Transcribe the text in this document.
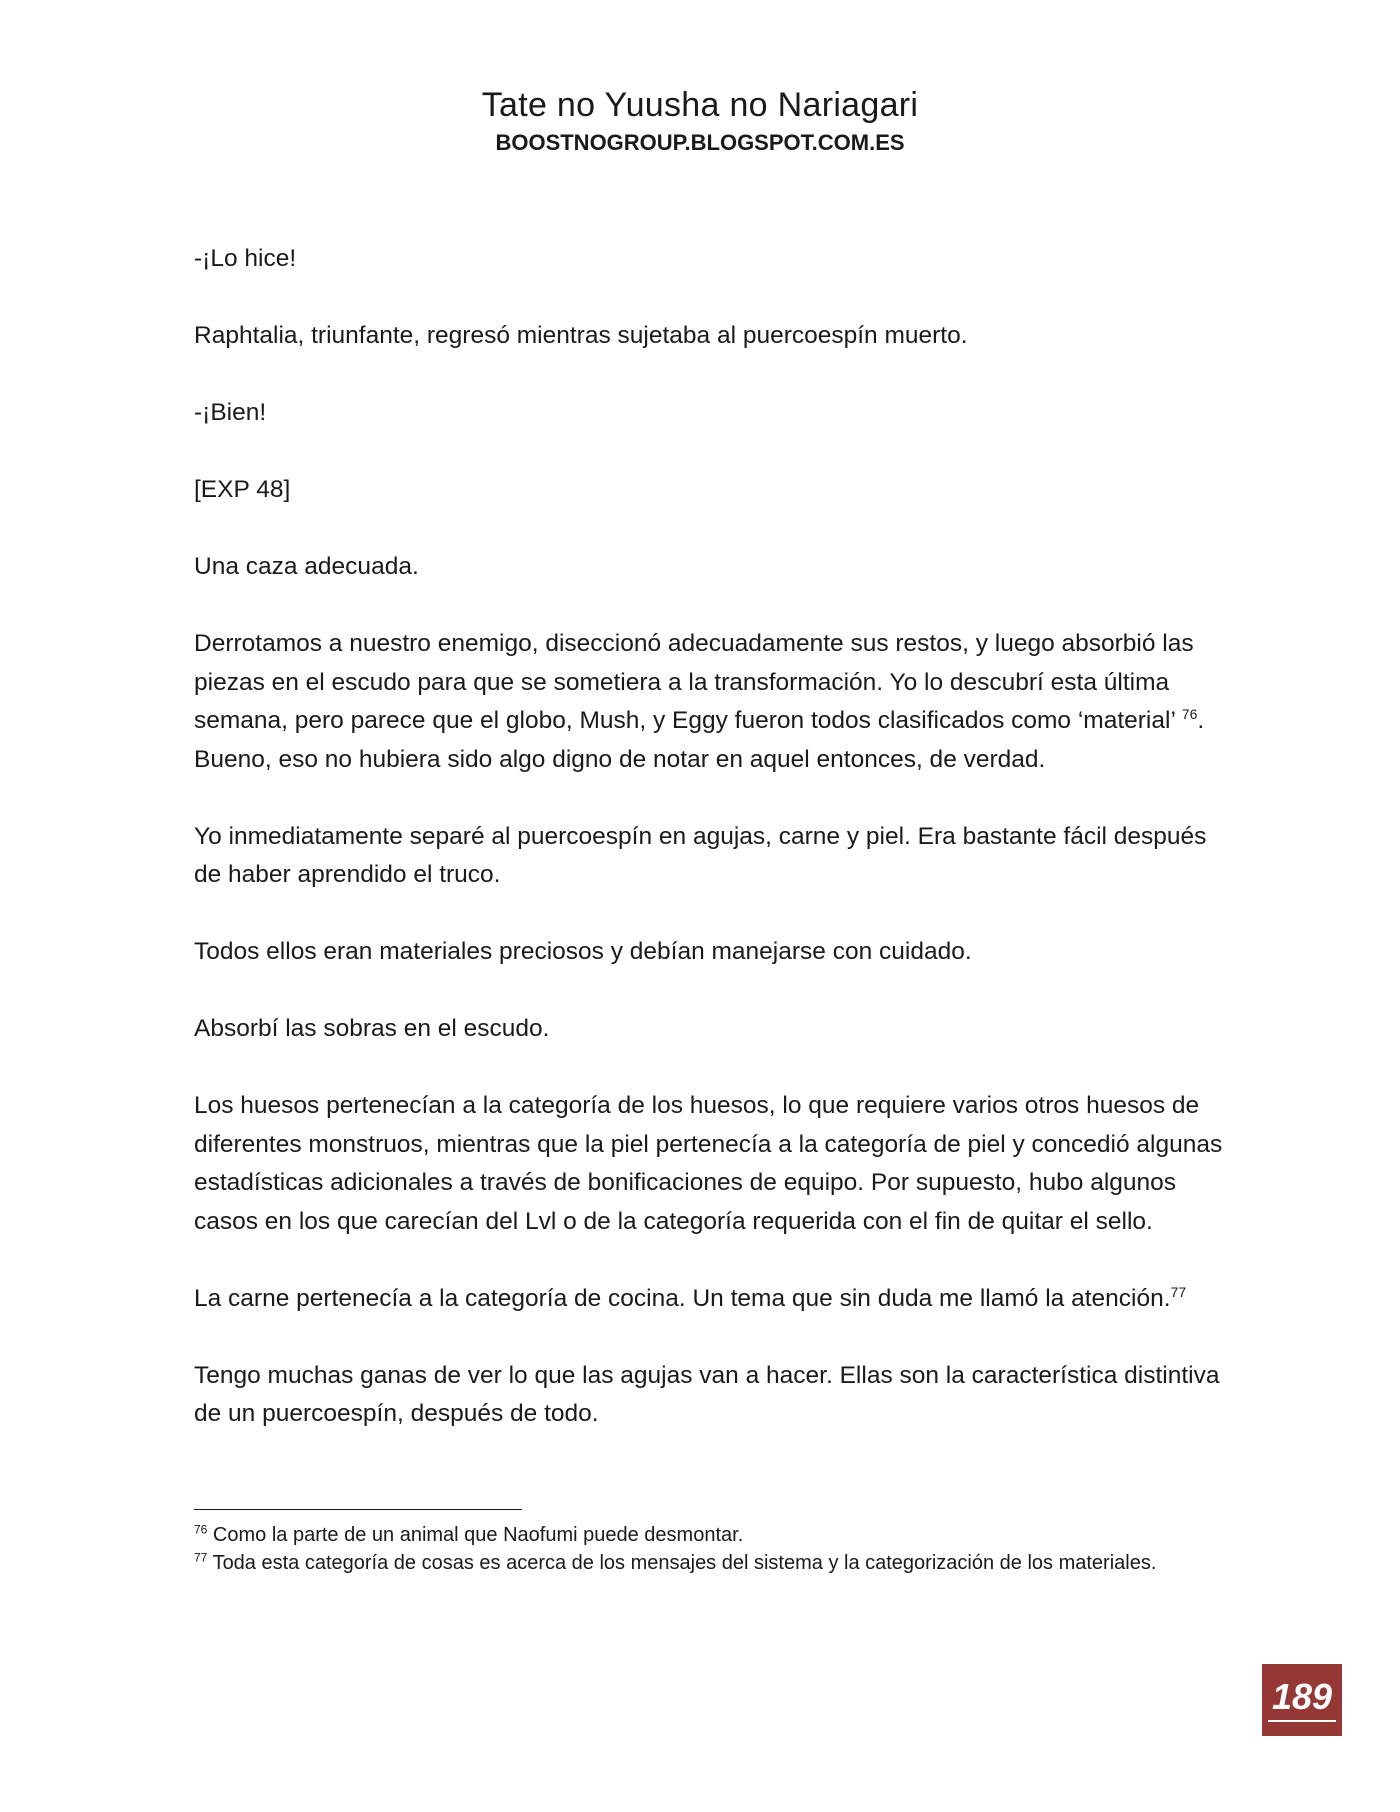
Tate no Yuusha no Nariagari
BOOSTNOGROUP.BLOGSPOT.COM.ES

-¡Lo hice!

Raphtalia, triunfante, regresó mientras sujetaba al puercoespín muerto.

-¡Bien!

[EXP 48]

Una caza adecuada.

Derrotamos a nuestro enemigo, diseccionó adecuadamente sus restos, y luego absorbió las piezas en el escudo para que se sometiera a la transformación. Yo lo descubrí esta última semana, pero parece que el globo, Mush, y Eggy fueron todos clasificados como ‘material’ $^{76}$. Bueno, eso no hubiera sido algo digno de notar en aquel entonces, de verdad.

Yo inmediatamente separé al puercoespín en agujas, carne y piel. Era bastante fácil después de haber aprendido el truco.

Todos ellos eran materiales preciosos y debían manejarse con cuidado.

Absorbí las sobras en el escudo.

Los huesos pertenecían a la categoría de los huesos, lo que requiere varios otros huesos de diferentes monstruos, mientras que la piel pertenecía a la categoría de piel y concedió algunas estadísticas adicionales a través de bonificaciones de equipo. Por supuesto, hubo algunos casos en los que carecían del Lvl o de la categoría requerida con el fin de quitar el sello.

La carne pertenecía a la categoría de cocina. Un tema que sin duda me llamó la atención.$^{77}$

Tengo muchas ganas de ver lo que las agujas van a hacer. Ellas son la característica distintiva de un puercoespín, después de todo.

$^{76}$ Como la parte de un animal que Naofumi puede desmontar.

$^{77}$ Toda esta categoría de cosas es acerca de los mensajes del sistema y la categorización de los materiales.

189
